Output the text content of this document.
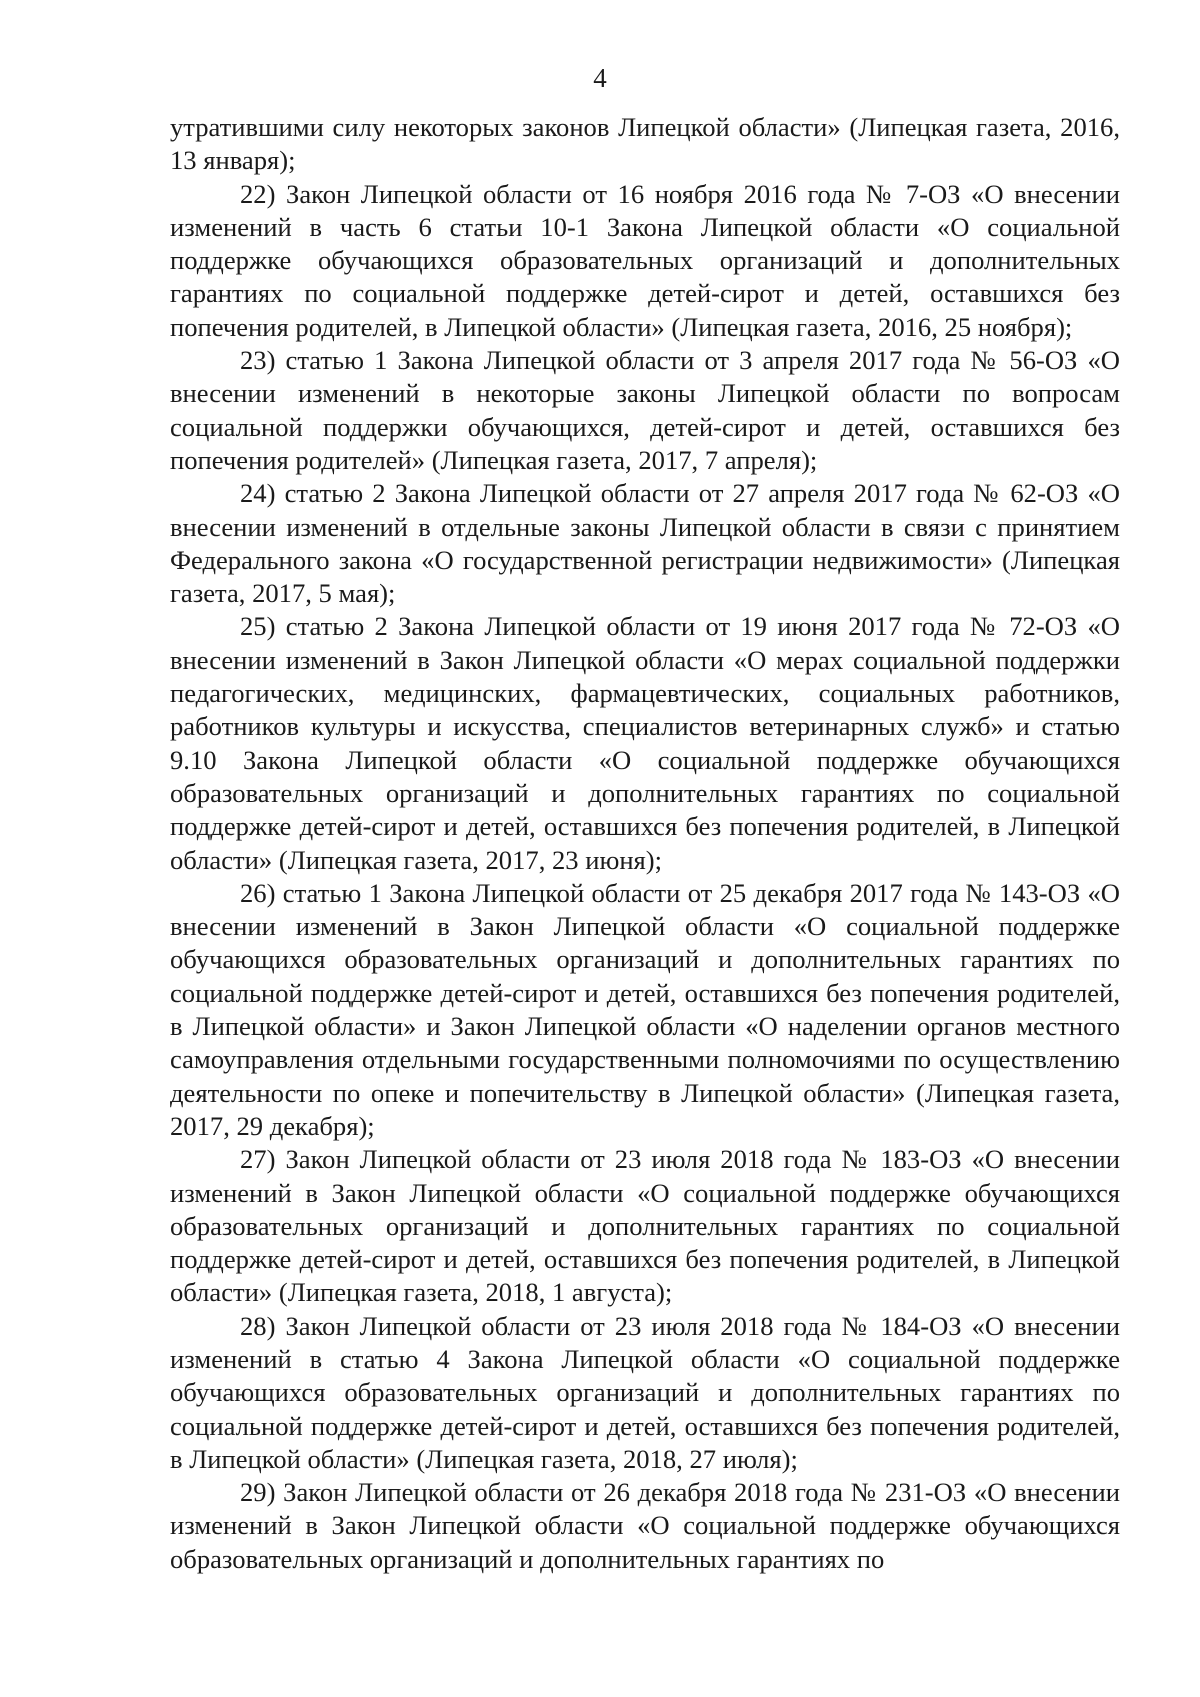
4

утратившими силу некоторых законов Липецкой области» (Липецкая газета, 2016, 13 января);

22) Закон Липецкой области от 16 ноября 2016 года № 7-ОЗ «О внесении изменений в часть 6 статьи 10-1 Закона Липецкой области «О социальной поддержке обучающихся образовательных организаций и дополнительных гарантиях по социальной поддержке детей-сирот и детей, оставшихся без попечения родителей, в Липецкой области» (Липецкая газета, 2016, 25 ноября);

23) статью 1 Закона Липецкой области от 3 апреля 2017 года № 56-ОЗ «О внесении изменений в некоторые законы Липецкой области по вопросам социальной поддержки обучающихся, детей-сирот и детей, оставшихся без попечения родителей» (Липецкая газета, 2017, 7 апреля);

24) статью 2 Закона Липецкой области от 27 апреля 2017 года № 62-ОЗ «О внесении изменений в отдельные законы Липецкой области в связи с принятием Федерального закона «О государственной регистрации недвижимости» (Липецкая газета, 2017, 5 мая);

25) статью 2 Закона Липецкой области от 19 июня 2017 года № 72-ОЗ «О внесении изменений в Закон Липецкой области «О мерах социальной поддержки педагогических, медицинских, фармацевтических, социальных работников, работников культуры и искусства, специалистов ветеринарных служб» и статью 9.10 Закона Липецкой области «О социальной поддержке обучающихся образовательных организаций и дополнительных гарантиях по социальной поддержке детей-сирот и детей, оставшихся без попечения родителей, в Липецкой области» (Липецкая газета, 2017, 23 июня);

26) статью 1 Закона Липецкой области от 25 декабря 2017 года № 143-ОЗ «О внесении изменений в Закон Липецкой области «О социальной поддержке обучающихся образовательных организаций и дополнительных гарантиях по социальной поддержке детей-сирот и детей, оставшихся без попечения родителей, в Липецкой области» и Закон Липецкой области «О наделении органов местного самоуправления отдельными государственными полномочиями по осуществлению деятельности по опеке и попечительству в Липецкой области» (Липецкая газета, 2017, 29 декабря);

27) Закон Липецкой области от 23 июля 2018 года № 183-ОЗ «О внесении изменений в Закон Липецкой области «О социальной поддержке обучающихся образовательных организаций и дополнительных гарантиях по социальной поддержке детей-сирот и детей, оставшихся без попечения родителей, в Липецкой области» (Липецкая газета, 2018, 1 августа);

28) Закон Липецкой области от 23 июля 2018 года № 184-ОЗ «О внесении изменений в статью 4 Закона Липецкой области «О социальной поддержке обучающихся образовательных организаций и дополнительных гарантиях по социальной поддержке детей-сирот и детей, оставшихся без попечения родителей, в Липецкой области» (Липецкая газета, 2018, 27 июля);

29) Закон Липецкой области от 26 декабря 2018 года № 231-ОЗ «О внесении изменений в Закон Липецкой области «О социальной поддержке обучающихся образовательных организаций и дополнительных гарантиях по
